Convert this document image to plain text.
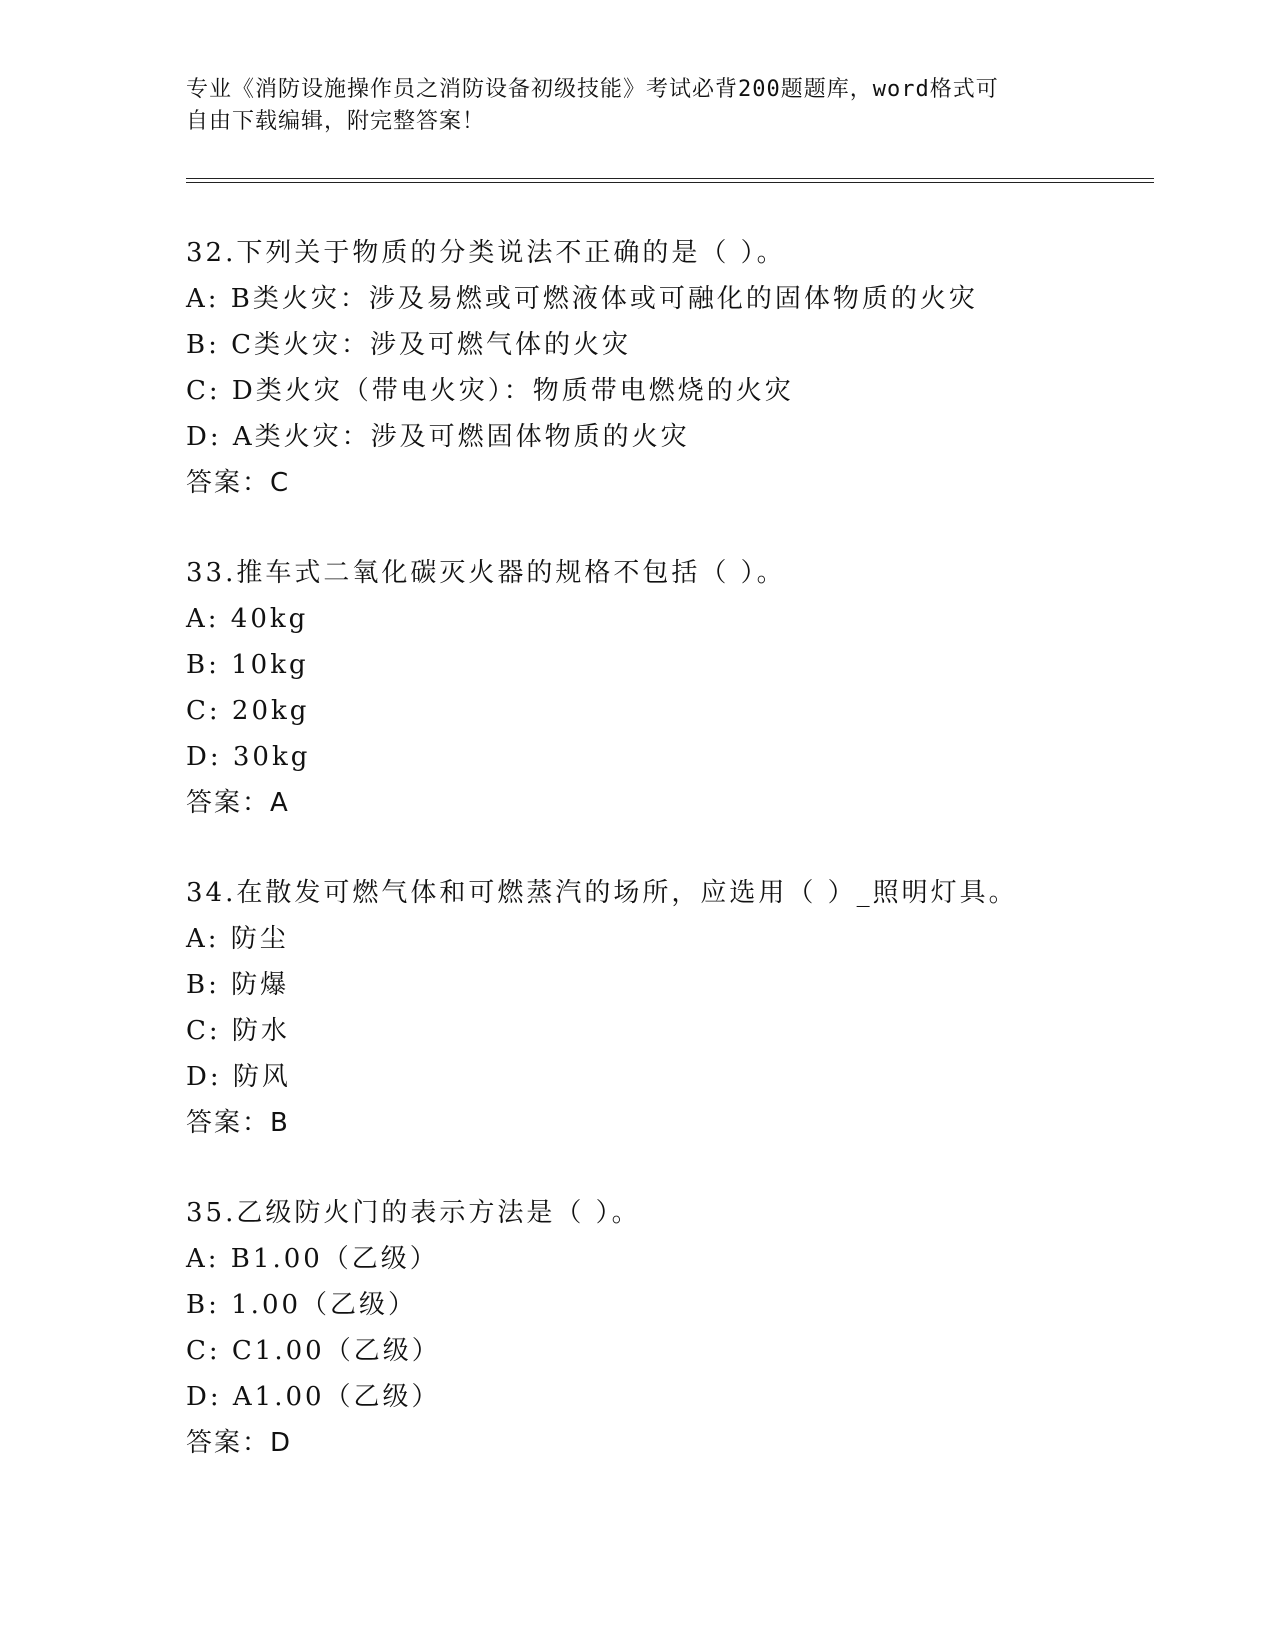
专业《消防设施操作员之消防设备初级技能》考试必背200题题库，word格式可
自由下载编辑，附完整答案！
32.下列关于物质的分类说法不正确的是（ ）。
A: B类火灾：涉及易燃或可燃液体或可融化的固体物质的火灾
B: C类火灾：涉及可燃气体的火灾
C: D类火灾（带电火灾）：物质带电燃烧的火灾
D: A类火灾：涉及可燃固体物质的火灾
答案：C
33.推车式二氧化碳灭火器的规格不包括（ ）。
A: 40kg
B: 10kg
C: 20kg
D: 30kg
答案：A
34.在散发可燃气体和可燃蒸汽的场所，应选用（ ）_照明灯具。
A: 防尘
B: 防爆
C: 防水
D: 防风
答案：B
35.乙级防火门的表示方法是（ ）。
A: B1.00（乙级）
B: 1.00（乙级）
C: C1.00（乙级）
D: A1.00（乙级）
答案：D
